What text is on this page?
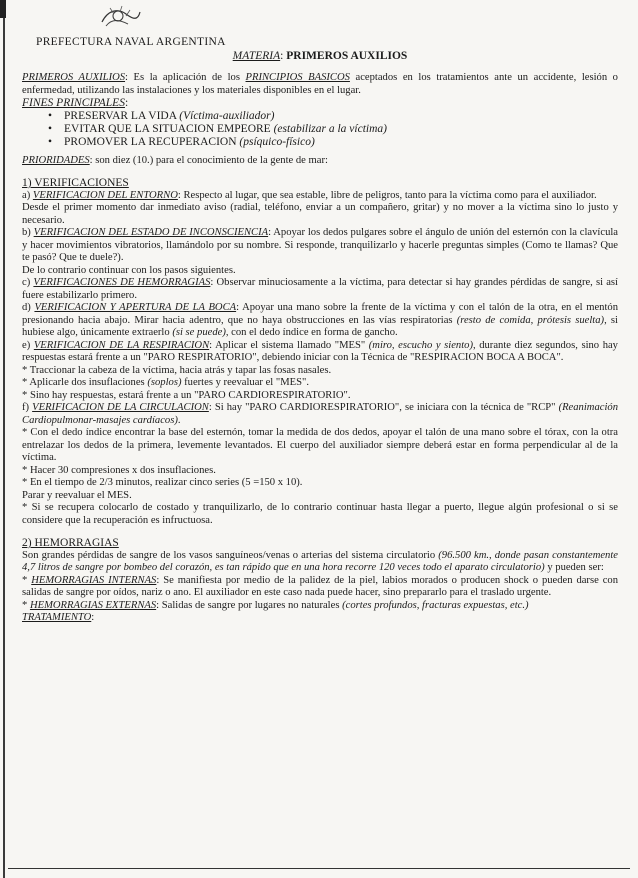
PREFECTURA NAVAL ARGENTINA
MATERIA: PRIMEROS AUXILIOS

PRIMEROS AUXILIOS: Es la aplicación de los PRINCIPIOS BASICOS aceptados en los tratamientos ante un accidente, lesión o enfermedad, utilizando las instalaciones y los materiales disponibles en el lugar.

FINES PRINCIPALES:
• PRESERVAR LA VIDA (Víctima-auxiliador)
• EVITAR QUE LA SITUACION EMPEORE (estabilizar a la víctima)
• PROMOVER LA RECUPERACION (psíquico-físico)

PRIORIDADES: son diez (10.) para el conocimiento de la gente de mar:

1) VERIFICACIONES

a) VERIFICACION DEL ENTORNO: Respecto al lugar, que sea estable, libre de peligros, tanto para la víctima como para el auxiliador.

Desde el primer momento dar inmediato aviso (radial, teléfono, enviar a un compañero, gritar) y no mover a la víctima sino lo justo y necesario.

b) VERIFICACION DEL ESTADO DE INCONSCIENCIA: Apoyar los dedos pulgares sobre el ángulo de unión del esternón con la clavícula y hacer movimientos vibratorios, llamándolo por su nombre. Si responde, tranquilizarlo y hacerle preguntas simples (Como te llamas? Que te pasó? Que te duele?).

De lo contrario continuar con los pasos siguientes.

c) VERIFICACIONES DE HEMORRAGIAS: Observar minuciosamente a la víctima, para detectar si hay grandes pérdidas de sangre, si así fuere estabilizarlo primero.

d) VERIFICACION Y APERTURA DE LA BOCA: Apoyar una mano sobre la frente de la víctima y con el talón de la otra, en el mentón presionando hacia abajo. Mirar hacia adentro, que no haya obstrucciones en las vías respiratorias (resto de comida, prótesis suelta), si hubiese algo, únicamente extraerlo (si se puede), con el dedo índice en forma de gancho.

e) VERIFICACION DE LA RESPIRACION: Aplicar el sistema llamado "MES" (miro, escucho y siento), durante diez segundos, sino hay respuestas estará frente a un "PARO RESPIRATORIO", debiendo iniciar con la Técnica de "RESPIRACION BOCA A BOCA".

* Traccionar la cabeza de la víctima, hacia atrás y tapar las fosas nasales.

* Aplicarle dos insuflaciones (soplos) fuertes y reevaluar el "MES".

* Sino hay respuestas, estará frente a un "PARO CARDIORESPIRATORIO".

f) VERIFICACION DE LA CIRCULACION: Si hay "PARO CARDIORESPIRATORIO", se iniciara con la técnica de "RCP" (Reanimación Cardiopulmonar-masajes cardíacos).

* Con el dedo índice encontrar la base del esternón, tomar la medida de dos dedos, apoyar el talón de una mano sobre el tórax, con la otra entrelazar los dedos de la primera, levemente levantados. El cuerpo del auxiliador siempre deberá estar en forma perpendicular al de la víctima.

* Hacer 30 compresiones x dos insuflaciones.

* En el tiempo de 2/3 minutos, realizar cinco series (5 =150 x 10).

Parar y reevaluar el MES.

* Si se recupera colocarlo de costado y tranquilizarlo, de lo contrario continuar hasta llegar a puerto, llegue algún profesional o si se considere que la recuperación es infructuosa.

2) HEMORRAGIAS

Son grandes pérdidas de sangre de los vasos sanguíneos/venas o arterias del sistema circulatorio (96.500 km., donde pasan constantemente 4,7 litros de sangre por bombeo del corazón, es tan rápido que en una hora recorre 120 veces todo el aparato circulatorio) y pueden ser:

* HEMORRAGIAS INTERNAS: Se manifiesta por medio de la palidez de la piel, labios morados o producen shock o pueden darse con salidas de sangre por oídos, nariz o ano. El auxiliador en este caso nada puede hacer, sino prepararlo para el traslado urgente.

* HEMORRAGIAS EXTERNAS: Salidas de sangre por lugares no naturales (cortes profundos, fracturas expuestas, etc.)

TRATAMIENTO:
